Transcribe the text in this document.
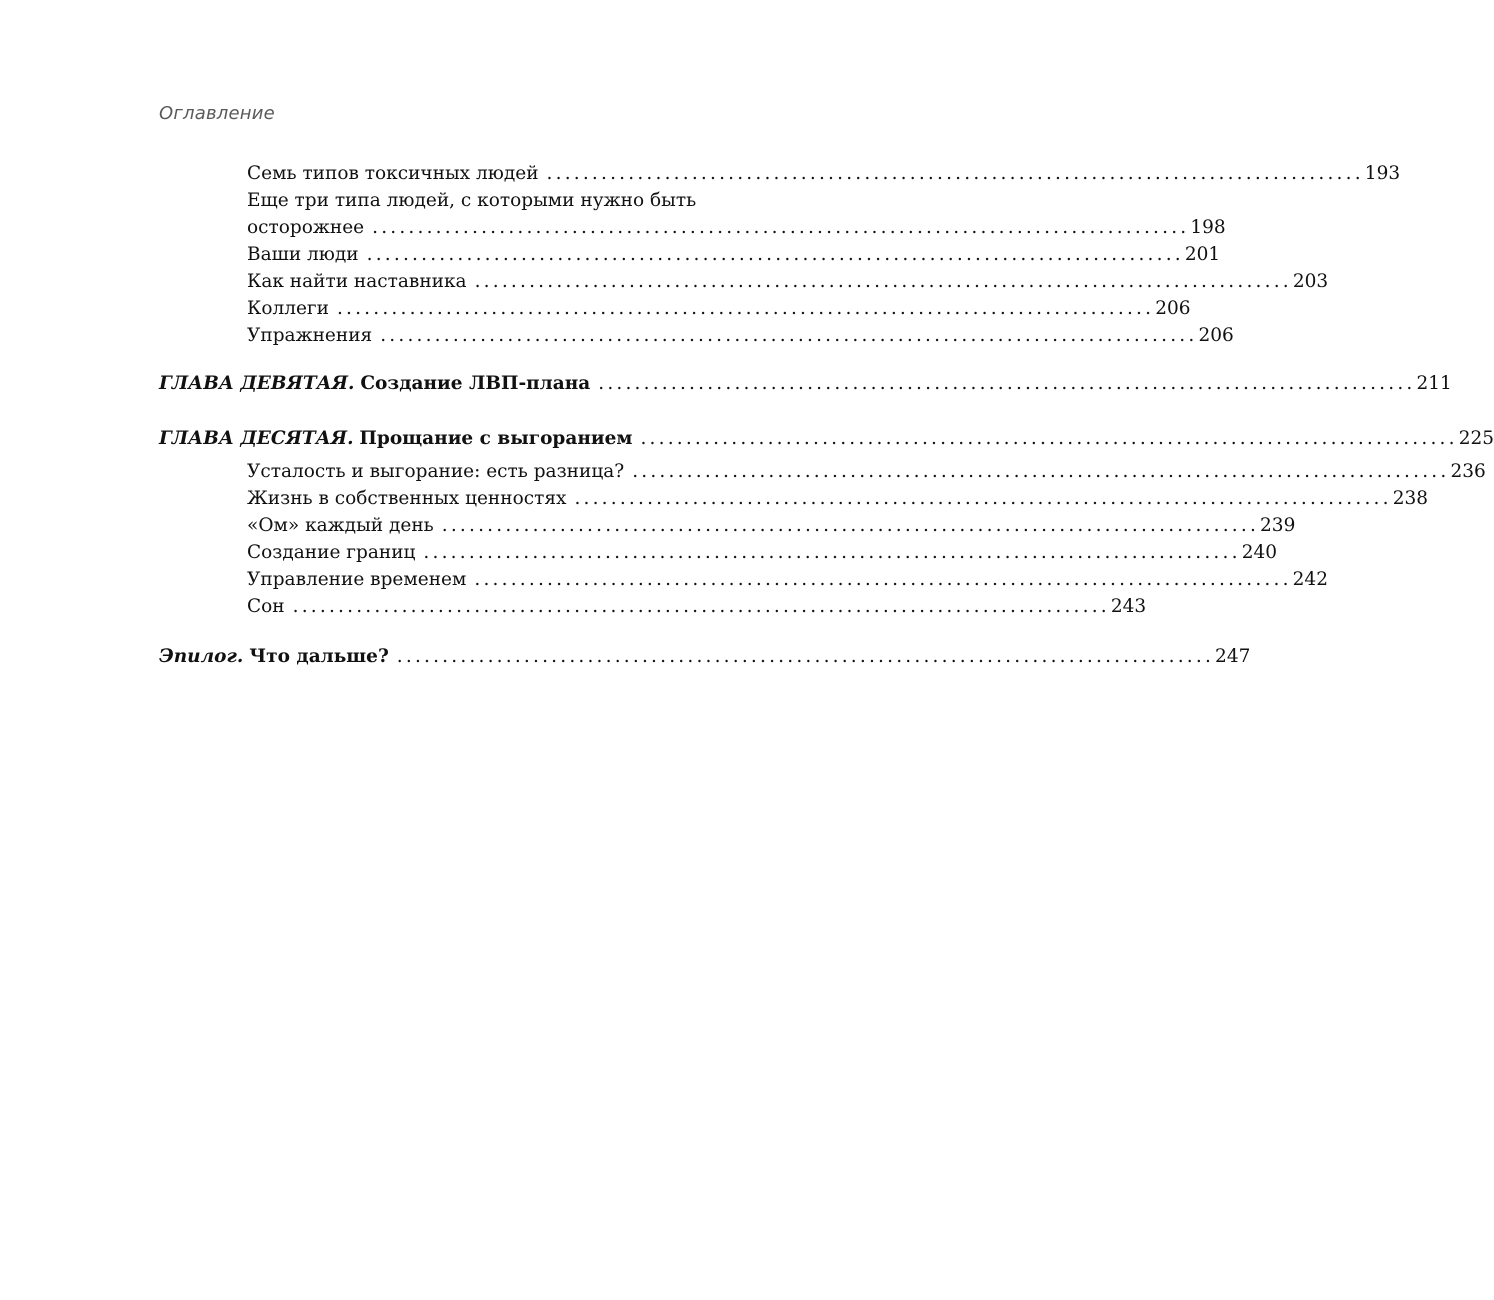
Оглавление
Семь типов токсичных людей .......................................................................................... 193
Еще три типа людей, с которыми нужно быть
осторожнее .......................................................................................... 198
Ваши люди .......................................................................................... 201
Как найти наставника .......................................................................................... 203
Коллеги .......................................................................................... 206
Упражнения .......................................................................................... 206
ГЛАВА ДЕВЯТАЯ. Создание ЛВП-плана .......................................................................................... 211
ГЛАВА ДЕСЯТАЯ. Прощание с выгоранием .......................................................................................... 225
Усталость и выгорание: есть разница? .......................................................................................... 236
Жизнь в собственных ценностях .......................................................................................... 238
«Ом» каждый день .......................................................................................... 239
Создание границ .......................................................................................... 240
Управление временем .......................................................................................... 242
Сон .......................................................................................... 243
Эпилог. Что дальше? .......................................................................................... 247
